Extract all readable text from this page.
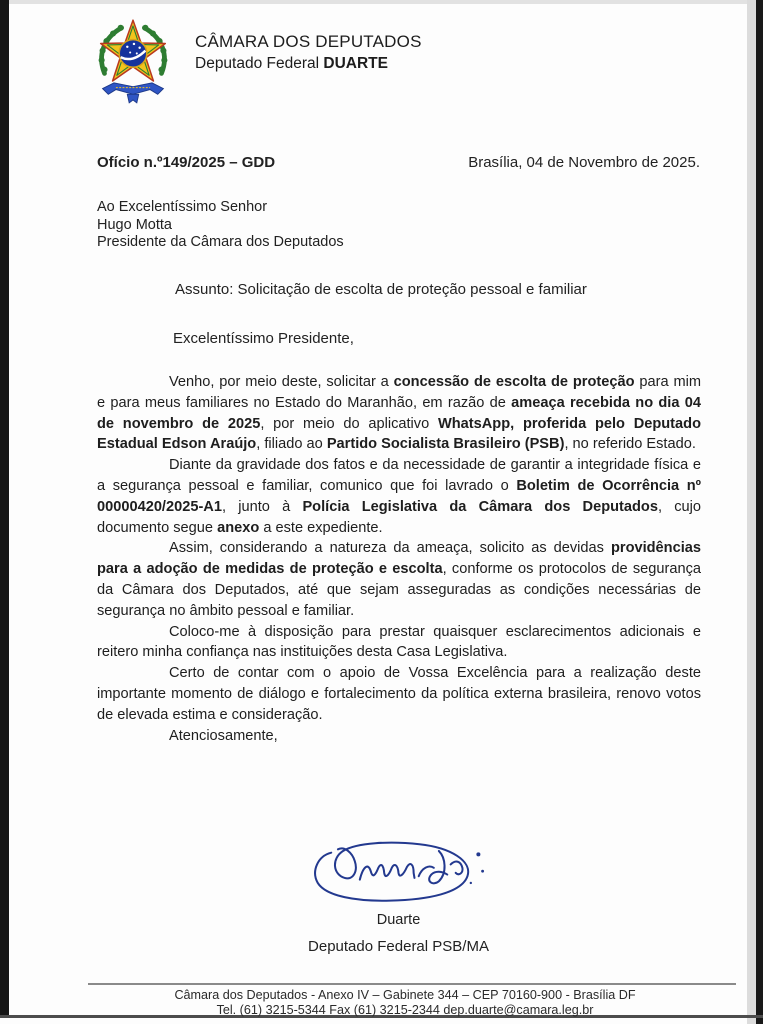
CÂMARA DOS DEPUTADOS
Deputado Federal DUARTE
Ofício n.º149/2025 – GDD	Brasília, 04 de Novembro de 2025.
Ao Excelentíssimo Senhor
Hugo Motta
Presidente da Câmara dos Deputados
Assunto: Solicitação de escolta de proteção pessoal e familiar
Excelentíssimo Presidente,

Venho, por meio deste, solicitar a concessão de escolta de proteção para mim e para meus familiares no Estado do Maranhão, em razão de ameaça recebida no dia 04 de novembro de 2025, por meio do aplicativo WhatsApp, proferida pelo Deputado Estadual Edson Araújo, filiado ao Partido Socialista Brasileiro (PSB), no referido Estado.

Diante da gravidade dos fatos e da necessidade de garantir a integridade física e a segurança pessoal e familiar, comunico que foi lavrado o Boletim de Ocorrência nº 00000420/2025-A1, junto à Polícia Legislativa da Câmara dos Deputados, cujo documento segue anexo a este expediente.

Assim, considerando a natureza da ameaça, solicito as devidas providências para a adoção de medidas de proteção e escolta, conforme os protocolos de segurança da Câmara dos Deputados, até que sejam asseguradas as condições necessárias de segurança no âmbito pessoal e familiar.

Coloco-me à disposição para prestar quaisquer esclarecimentos adicionais e reitero minha confiança nas instituições desta Casa Legislativa.

Certo de contar com o apoio de Vossa Excelência para a realização deste importante momento de diálogo e fortalecimento da política externa brasileira, renovo votos de elevada estima e consideração.

Atenciosamente,

Duarte
Deputado Federal PSB/MA
Câmara dos Deputados - Anexo IV – Gabinete 344 – CEP 70160-900 - Brasília DF
Tel. (61) 3215-5344 Fax (61) 3215-2344 dep.duarte@camara.leg.br
